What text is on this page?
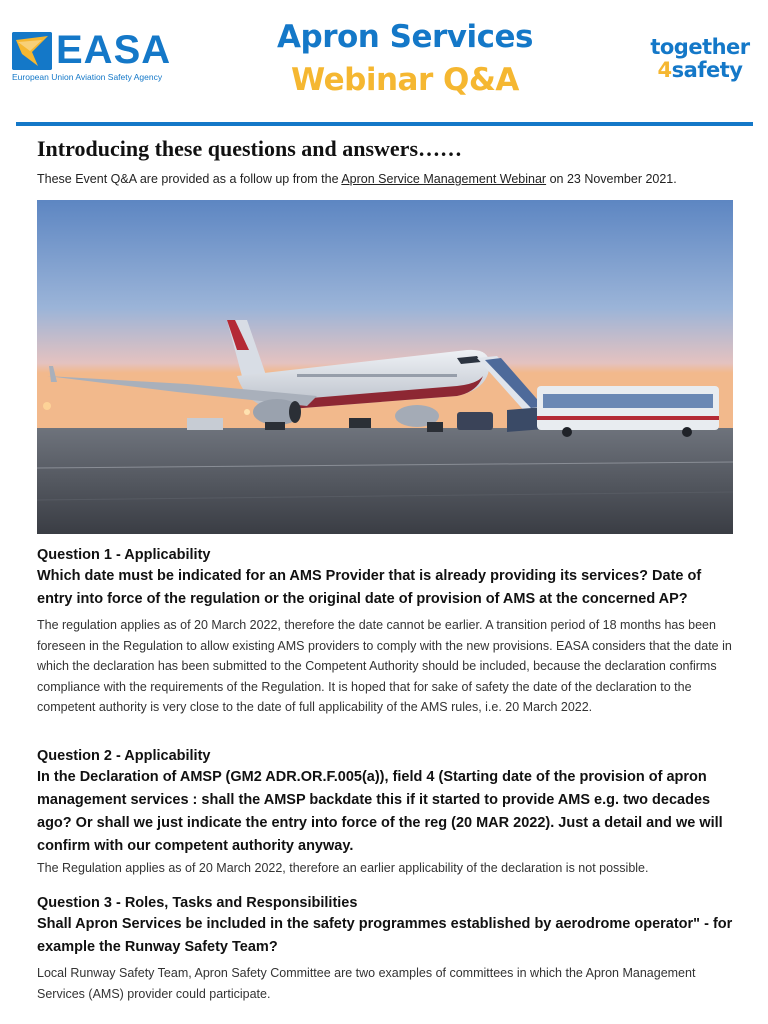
EASA
European Union Aviation Safety Agency
Apron Services
Webinar Q&A
together
4safety
Introducing these questions and answers……
These Event Q&A are provided as a follow up from the Apron Service Management Webinar on 23 November 2021.
Question 1 - Applicability
Which date must be indicated for an AMS Provider that is already providing its services? Date of entry into force of the regulation or the original date of provision of AMS at the concerned AP?
The regulation applies as of 20 March 2022, therefore the date cannot be earlier. A transition period of 18 months has been foreseen in the Regulation to allow existing AMS providers to comply with the new provisions. EASA considers that the date in which the declaration has been submitted to the Competent Authority should be included, because the declaration confirms compliance with the requirements of the Regulation. It is hoped that for sake of safety the date of the declaration to the competent authority is very close to the date of full applicability of the AMS rules, i.e. 20 March 2022.
Question 2 - Applicability
In the Declaration of AMSP (GM2 ADR.OR.F.005(a)), field 4 (Starting date of the provision of apron management services : shall the AMSP backdate this if it started to provide AMS e.g. two decades ago? Or shall we just indicate the entry into force of the reg (20 MAR 2022). Just a detail and we will confirm with our competent authority anyway.
The Regulation applies as of 20 March 2022, therefore an earlier applicability of the declaration is not possible.
Question 3 - Roles, Tasks and Responsibilities
Shall Apron Services be included in the safety programmes established by aerodrome operator" - for example the Runway Safety Team?
Local Runway Safety Team, Apron Safety Committee are two examples of committees in which the Apron Management Services (AMS) provider could participate.
